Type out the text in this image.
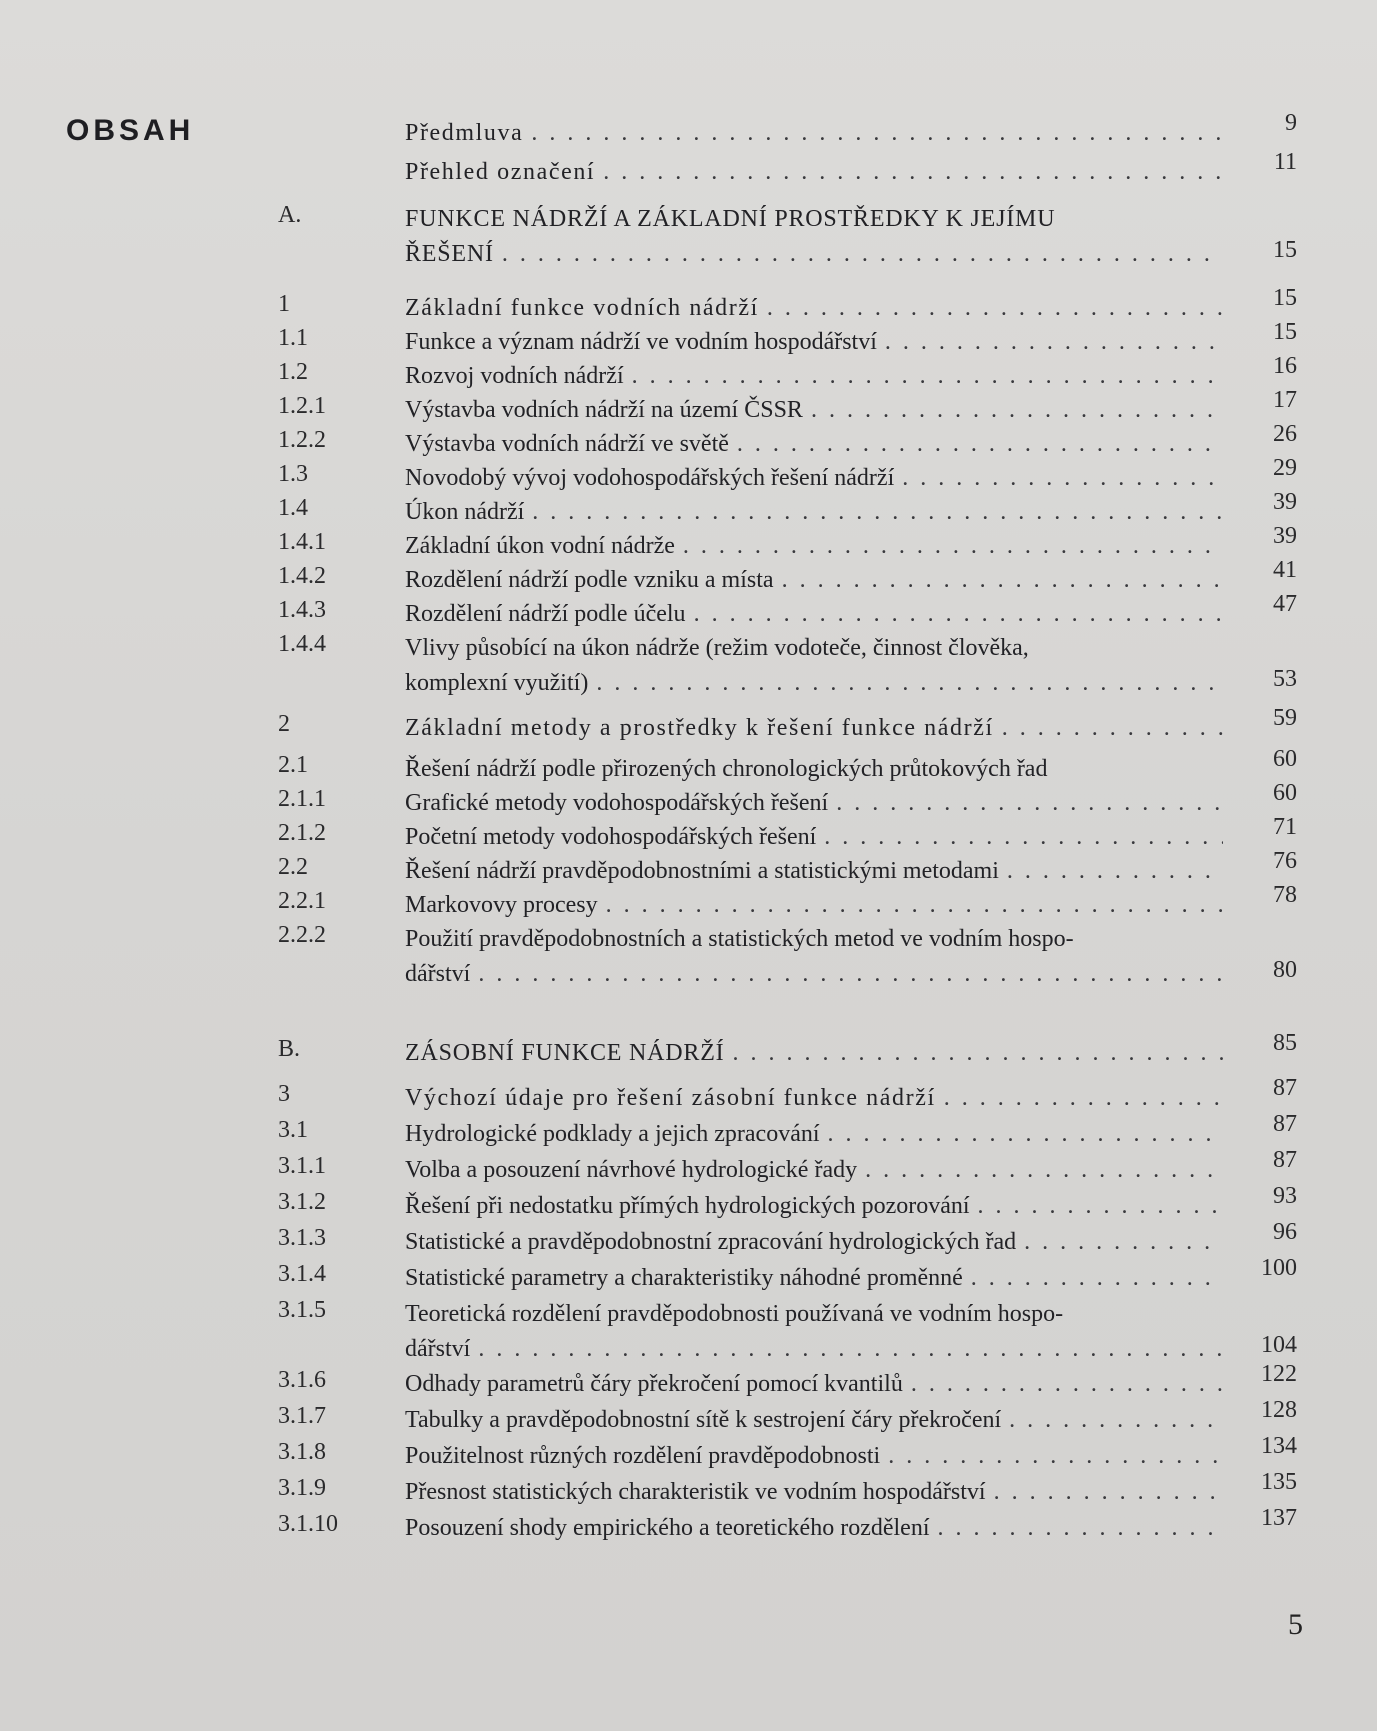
OBSAH	Předmluva . . .	9
Přehled označení . . .	11
A.	FUNKCE NÁDRŽÍ A ZÁKLADNÍ PROSTŘEDKY K JEJÍMU
ŘEŠENÍ . . .	15
1	Základní funkce vodních nádrží . . .	15
1.1	Funkce a význam nádrží ve vodním hospodářství . . .	15
1.2	Rozvoj vodních nádrží . . .	16
1.2.1	Výstavba vodních nádrží na území ČSSR . . .	17
1.2.2	Výstavba vodních nádrží ve světě . . .	26
1.3	Novodobý vývoj vodohospodářských řešení nádrží . . .	29
1.4	Úkon nádrží . . .	39
1.4.1	Základní úkon vodní nádrže . . .	39
1.4.2	Rozdělení nádrží podle vzniku a místa . . .	41
1.4.3	Rozdělení nádrží podle účelu . . .	47
1.4.4	Vlivy působící na úkon nádrže (režim vodoteče, činnost člověka,
komplexní využití) . . .	53
2	Základní metody a prostředky k řešení funkce nádrží . . .	59
2.1	Řešení nádrží podle přirozených chronologických průtokových řad	60
2.1.1	Grafické metody vodohospodářských řešení . . .	60
2.1.2	Početní metody vodohospodářských řešení . . .	71
2.2	Řešení nádrží pravděpodobnostními a statistickými metodami . . .	76
2.2.1	Markovovy procesy . . .	78
2.2.2	Použití pravděpodobnostních a statistických metod ve vodním hospo-
dářství . . .	80
B.	ZÁSOBNÍ FUNKCE NÁDRŽÍ . . .	85
3	Výchozí údaje pro řešení zásobní funkce nádrží . . .	87
3.1	Hydrologické podklady a jejich zpracování . . .	87
3.1.1	Volba a posouzení návrhové hydrologické řady . . .	87
3.1.2	Řešení při nedostatku přímých hydrologických pozorování . . .	93
3.1.3	Statistické a pravděpodobnostní zpracování hydrologických řad . . .	96
3.1.4	Statistické parametry a charakteristiky náhodné proměnné . . .	100
3.1.5	Teoretická rozdělení pravděpodobnosti používaná ve vodním hospo-
dářství . . .	104
3.1.6	Odhady parametrů čáry překročení pomocí kvantilů . . .	122
3.1.7	Tabulky a pravděpodobnostní sítě k sestrojení čáry překročení . . .	128
3.1.8	Použitelnost různých rozdělení pravděpodobnosti . . .	134
3.1.9	Přesnost statistických charakteristik ve vodním hospodářství . . .	135
3.1.10	Posouzení shody empirického a teoretického rozdělení . . .	137
5
